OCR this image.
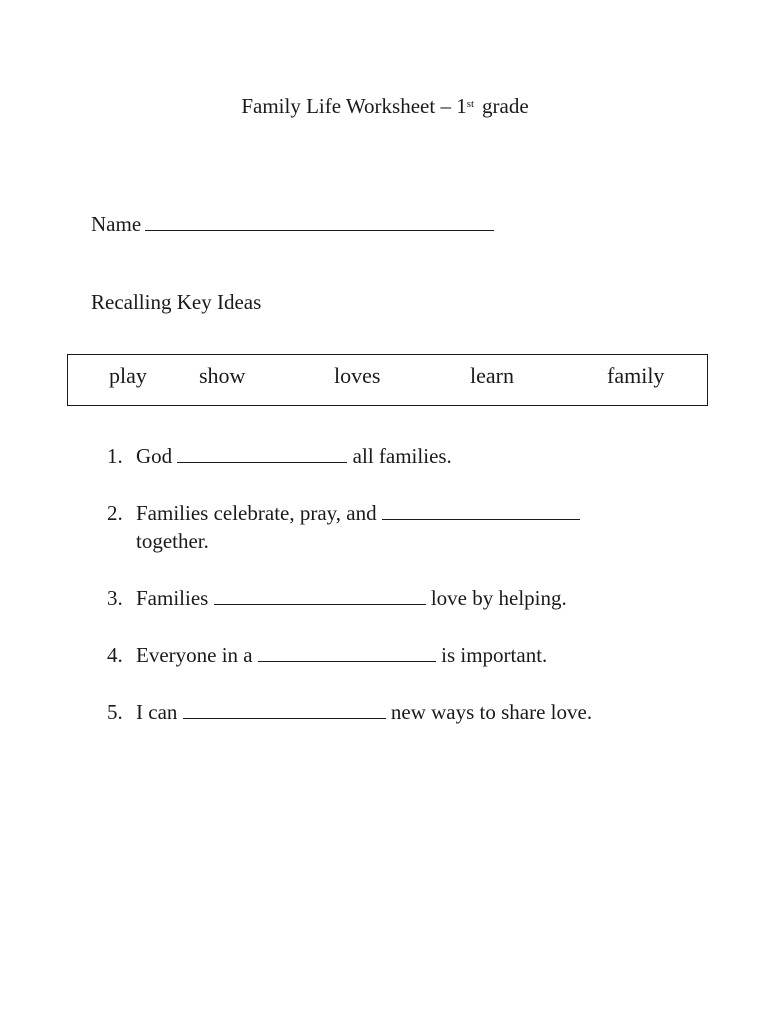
Family Life Worksheet – 1st grade
Name
Recalling Key Ideas
play show	loves	learn	family
1. God	all families.
2. Families celebrate, pray, and
together.
3. Families	love by helping.
4. Everyone in a	is important.
5. I can	new ways to share love.
